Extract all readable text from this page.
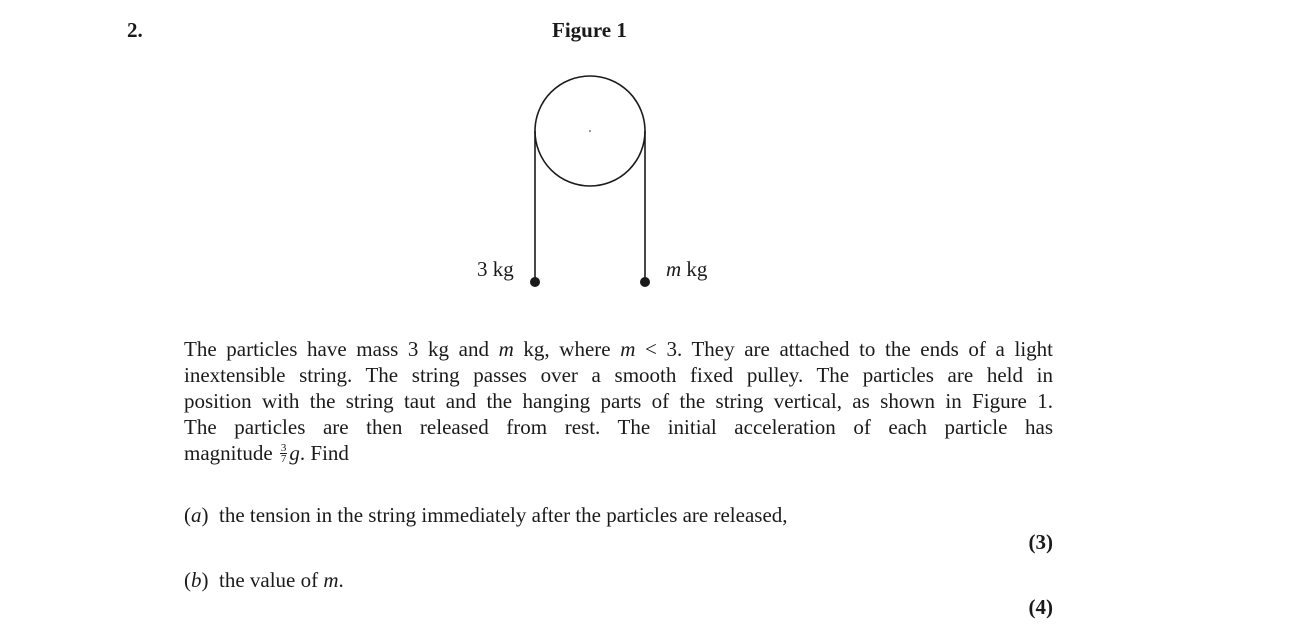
2.	Figure 1
3 kg	m kg
The particles have mass 3 kg and m kg, where m < 3. They are attached to the ends of a light
inextensible string. The string passes over a smooth fixed pulley. The particles are held in
position with the string taut and the hanging parts of the string vertical, as shown in Figure 1.
The particles are then released from rest. The initial acceleration of each particle has
magnitude $\frac{3}{7} g$. Find
(a) the tension in the string immediately after the particles are released,
(3)
(b) the value of m.
(4)
